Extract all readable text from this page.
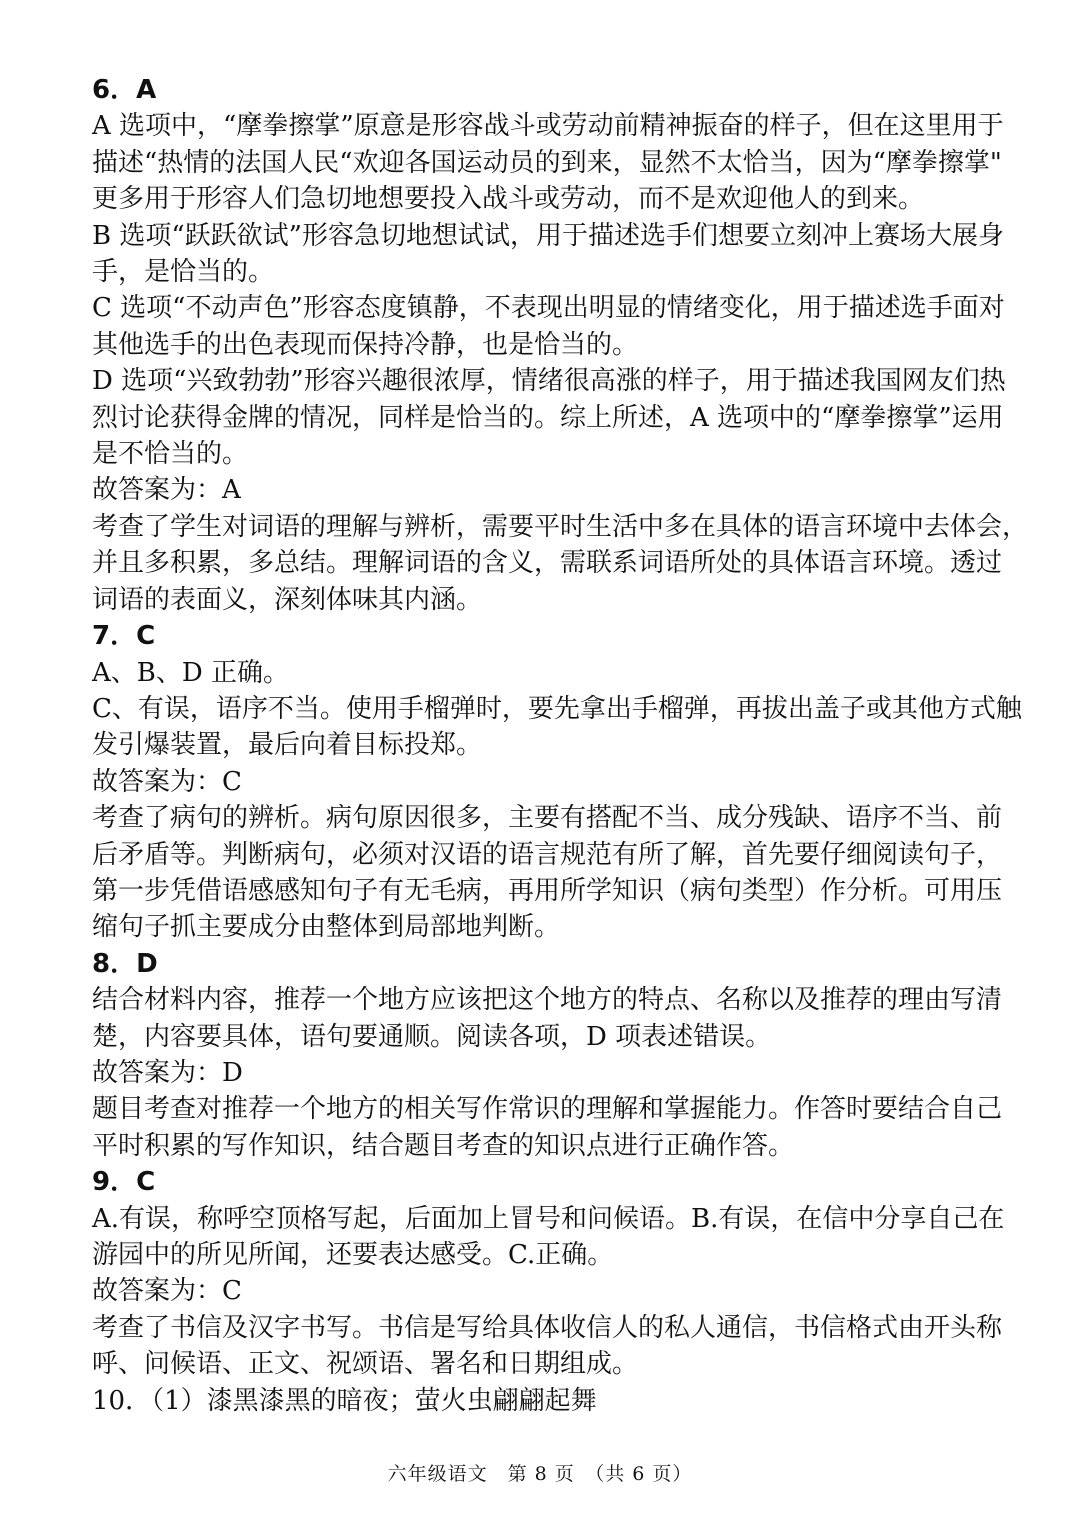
6．A
A 选项中，“摩拳擦掌”原意是形容战斗或劳动前精神振奋的样子，但在这里用于
描述“热情的法国人民“欢迎各国运动员的到来，显然不太恰当，因为“摩拳擦掌"
更多用于形容人们急切地想要投入战斗或劳动，而不是欢迎他人的到来。
B 选项“跃跃欲试”形容急切地想试试，用于描述选手们想要立刻冲上赛场大展身
手，是恰当的。
C 选项“不动声色”形容态度镇静，不表现出明显的情绪变化，用于描述选手面对
其他选手的出色表现而保持冷静，也是恰当的。
D 选项“兴致勃勃”形容兴趣很浓厚，情绪很高涨的样子，用于描述我国网友们热
烈讨论获得金牌的情况，同样是恰当的。综上所述，A 选项中的“摩拳擦掌”运用
是不恰当的。
故答案为：A
考查了学生对词语的理解与辨析，需要平时生活中多在具体的语言环境中去体会，
并且多积累，多总结。理解词语的含义，需联系词语所处的具体语言环境。透过
词语的表面义，深刻体味其内涵。
7．C
A、B、D 正确。
C、有误，语序不当。使用手榴弹时，要先拿出手榴弹，再拔出盖子或其他方式触
发引爆装置，最后向着目标投郑。
故答案为：C
考查了病句的辨析。病句原因很多，主要有搭配不当、成分残缺、语序不当、前
后矛盾等。判断病句，必须对汉语的语言规范有所了解，首先要仔细阅读句子，
第一步凭借语感感知句子有无毛病，再用所学知识（病句类型）作分析。可用压
缩句子抓主要成分由整体到局部地判断。
8．D
结合材料内容，推荐一个地方应该把这个地方的特点、名称以及推荐的理由写清
楚，内容要具体，语句要通顺。阅读各项，D 项表述错误。
故答案为：D
题目考查对推荐一个地方的相关写作常识的理解和掌握能力。作答时要结合自己
平时积累的写作知识，结合题目考查的知识点进行正确作答。
9．C
A.有误，称呼空顶格写起，后面加上冒号和问候语。B.有误，在信中分享自己在
游园中的所见所闻，还要表达感受。C.正确。
故答案为：C
考查了书信及汉字书写。书信是写给具体收信人的私人通信，书信格式由开头称
呼、问候语、正文、祝颂语、署名和日期组成。
10．（1）漆黑漆黑的暗夜；萤火虫翩翩起舞
六年级语文　第 8 页　（共 6 页）
